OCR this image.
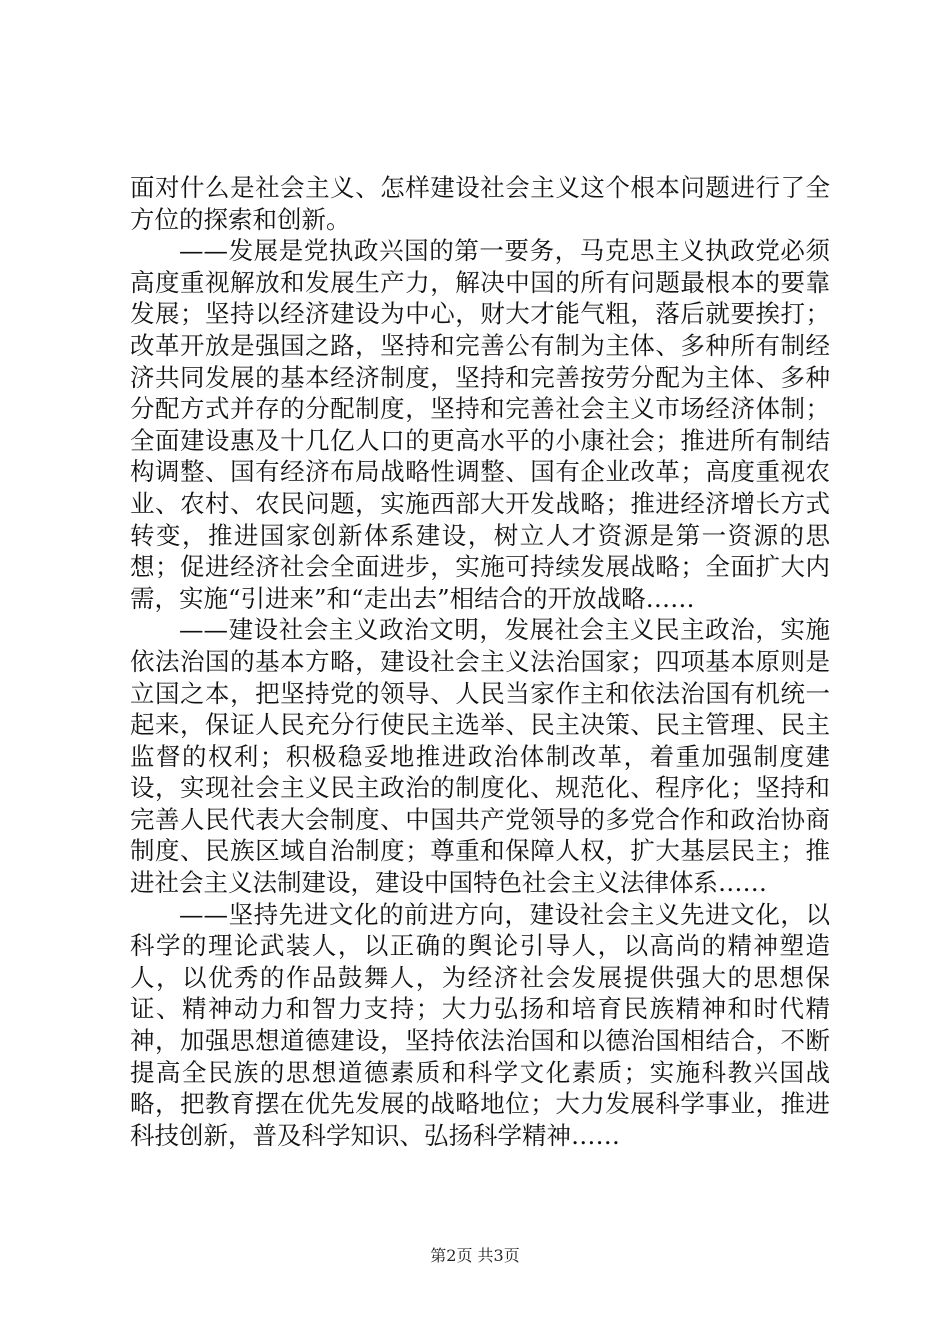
面对什么是社会主义、怎样建设社会主义这个根本问题进行了全方位的探索和创新。

——发展是党执政兴国的第一要务，马克思主义执政党必须高度重视解放和发展生产力，解决中国的所有问题最根本的要靠发展；坚持以经济建设为中心，财大才能气粗，落后就要挨打；改革开放是强国之路，坚持和完善公有制为主体、多种所有制经济共同发展的基本经济制度，坚持和完善按劳分配为主体、多种分配方式并存的分配制度，坚持和完善社会主义市场经济体制；全面建设惠及十几亿人口的更高水平的小康社会；推进所有制结构调整、国有经济布局战略性调整、国有企业改革；高度重视农业、农村、农民问题，实施西部大开发战略；推进经济增长方式转变，推进国家创新体系建设，树立人才资源是第一资源的思想；促进经济社会全面进步，实施可持续发展战略；全面扩大内需，实施“引进来”和“走出去”相结合的开放战略……

——建设社会主义政治文明，发展社会主义民主政治，实施依法治国的基本方略，建设社会主义法治国家；四项基本原则是立国之本，把坚持党的领导、人民当家作主和依法治国有机统一起来，保证人民充分行使民主选举、民主决策、民主管理、民主监督的权利；积极稳妥地推进政治体制改革，着重加强制度建设，实现社会主义民主政治的制度化、规范化、程序化；坚持和完善人民代表大会制度、中国共产党领导的多党合作和政治协商制度、民族区域自治制度；尊重和保障人权，扩大基层民主；推进社会主义法制建设，建设中国特色社会主义法律体系……

——坚持先进文化的前进方向，建设社会主义先进文化，以科学的理论武装人，以正确的舆论引导人，以高尚的精神塑造人，以优秀的作品鼓舞人，为经济社会发展提供强大的思想保证、精神动力和智力支持；大力弘扬和培育民族精神和时代精神，加强思想道德建设，坚持依法治国和以德治国相结合，不断提高全民族的思想道德素质和科学文化素质；实施科教兴国战略，把教育摆在优先发展的战略地位；大力发展科学事业，推进科技创新，普及科学知识、弘扬科学精神……

第2页 共3页
